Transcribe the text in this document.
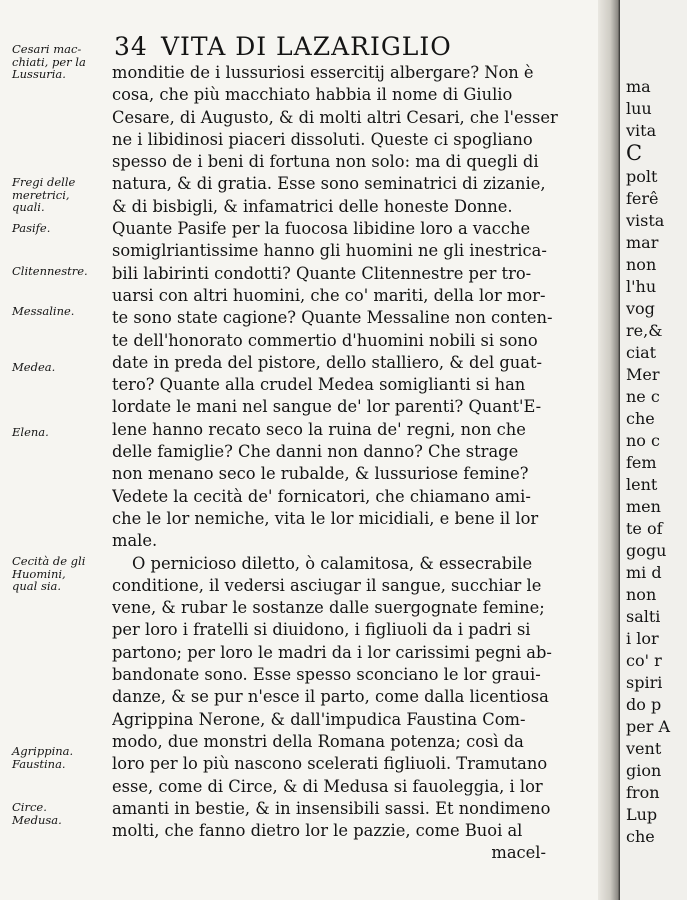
34 VITA DI LAZARIGLIO
Cesari mac-
chiati, per la
Lussuria.
Fregi delle
meretrici,
quali.
Pasife.
Clitennestre.
Messaline.
Medea.
Elena.
Cecità de gli
Huomini,
qual sia.
Agrippina.
Faustina.
Circe.
Medusa.
monditie de i lussuriosi essercitij albergare? Non è
cosa, che più macchiato habbia il nome di Giulio
Cesare, di Augusto, & di molti altri Cesari, che l'esser
ne i libidinosi piaceri dissoluti. Queste ci spogliano
spesso de i beni di fortuna non solo: ma di quegli di
natura, & di gratia. Esse sono seminatrici di zizanie,
& di bisbigli, & infamatrici delle honeste Donne.
Quante Pasife per la fuocosa libidine loro a vacche
somiglriantissime hanno gli huomini ne gli inestrica-
bili labirinti condotti? Quante Clitennestre per tro-
uarsi con altri huomini, che co' mariti, della lor mor-
te sono state cagione? Quante Messaline non conten-
te dell'honorato commertio d'huomini nobili si sono
date in preda del pistore, dello stalliero, & del guat-
tero? Quante alla crudel Medea somiglianti si han
lordate le mani nel sangue de' lor parenti? Quant'E-
lene hanno recato seco la ruina de' regni, non che
delle famiglie? Che danni non danno? Che strage
non menano seco le rubalde, & lussuriose femine?
Vedete la cecità de' fornicatori, che chiamano ami-
che le lor nemiche, vita le lor micidiali, e bene il lor
male.
O pernicioso diletto, ò calamitosa, & essecrabile
conditione, il vedersi asciugar il sangue, succhiar le
vene, & rubar le sostanze dalle suergognate femine;
per loro i fratelli si diuidono, i figliuoli da i padri si
partono; per loro le madri da i lor carissimi pegni ab-
bandonate sono. Esse spesso sconciano le lor graui-
danze, & se pur n'esce il parto, come dalla licentiosa
Agrippina Nerone, & dall'impudica Faustina Com-
modo, due monstri della Romana potenza; così da
loro per lo più nascono scelerati figliuoli. Tramutano
esse, come di Circe, & di Medusa si fauoleggia, i lor
amanti in bestie, & in insensibili sassi. Et nondimeno
molti, che fanno dietro lor le pazzie, come Buoi al
macel-
ma
luu
vita
C
polt
ferê
vista
mar
non
l'hu
vog
re,&
ciat
Mer
ne c
che
no c
fem
lent
men
te of
gogu
mi d
non
salti
i lor
co' r
spiri
do p
per A
vent
gion
fron
Lup
che
